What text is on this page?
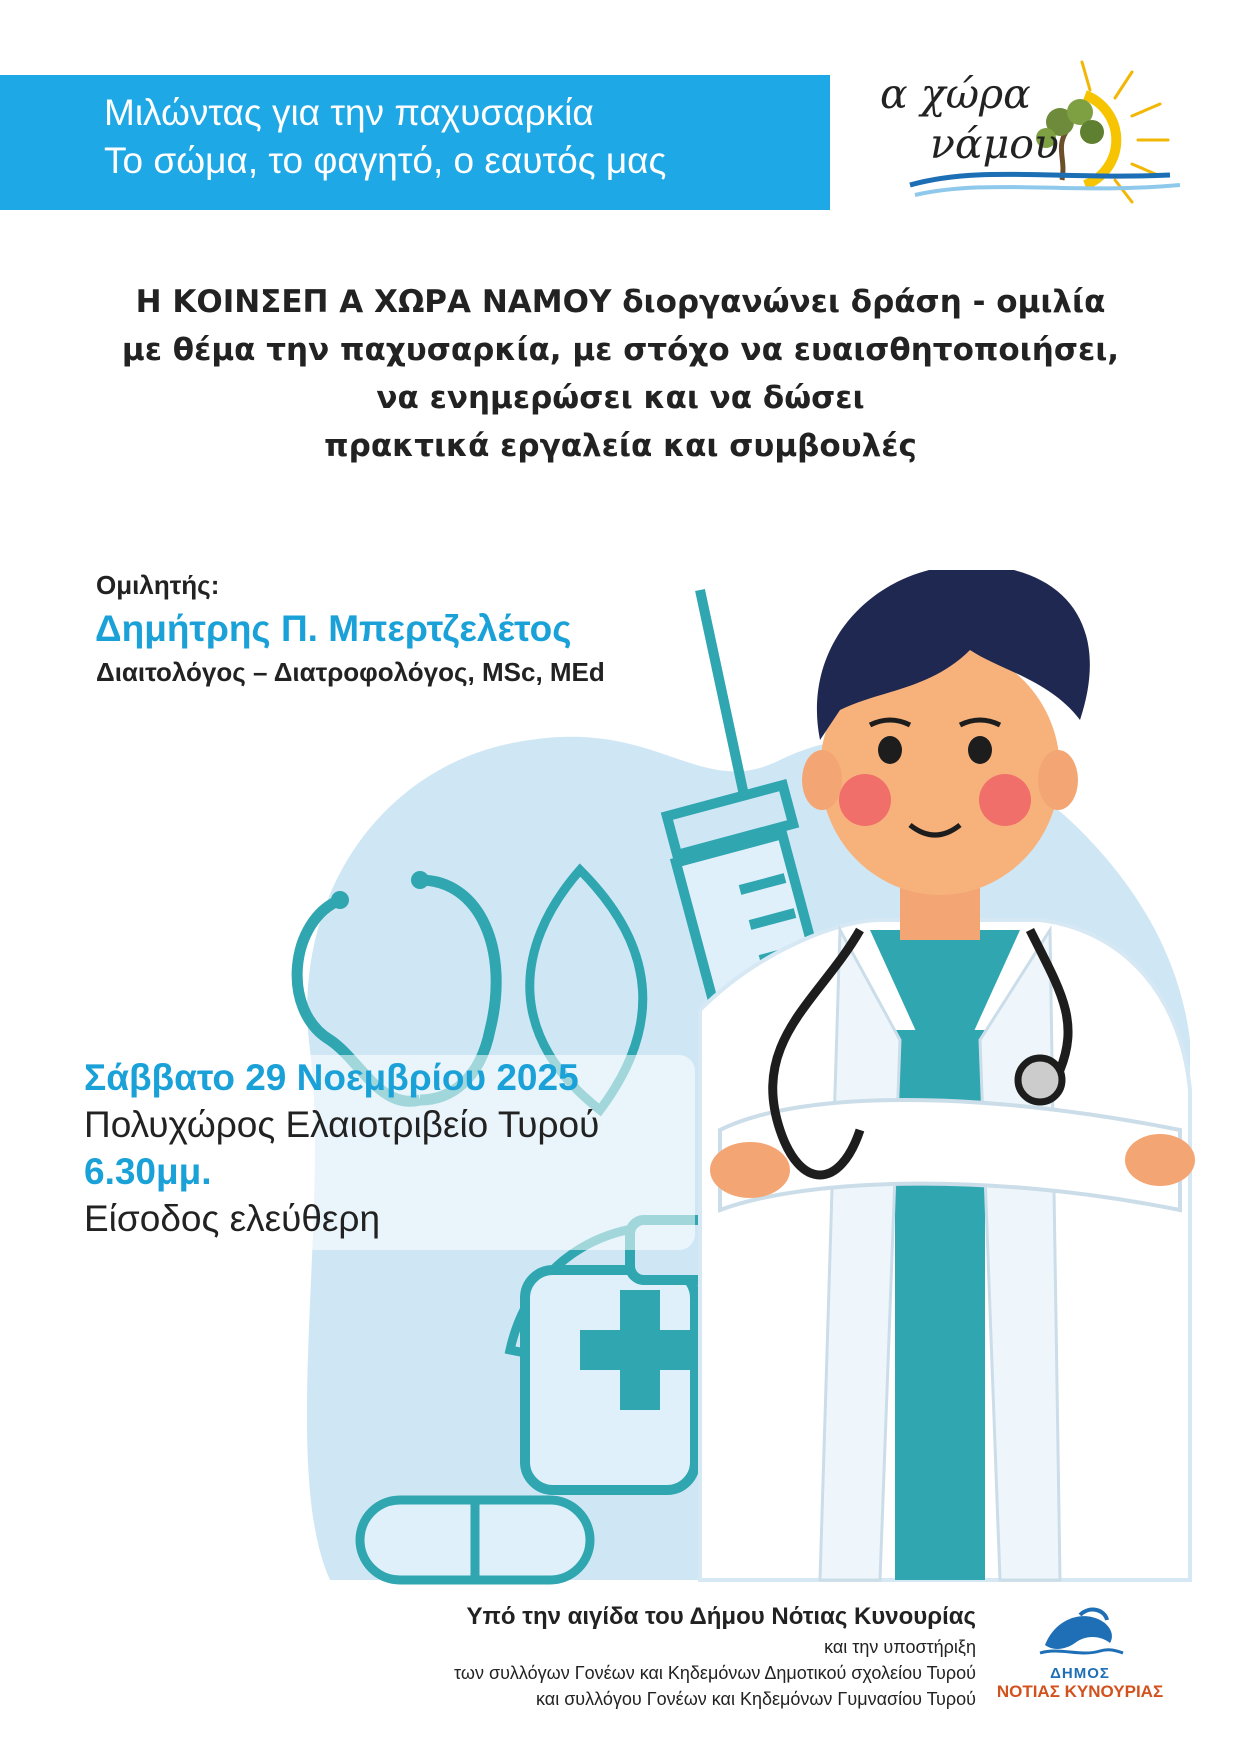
Μιλώντας για την παχυσαρκία
Το σώμα, το φαγητό, ο εαυτός μας
α χώρα
νάμου
Η ΚΟΙΝΣΕΠ Α ΧΩΡΑ ΝΑΜΟΥ διοργανώνει δράση - ομιλία
με θέμα την παχυσαρκία, με στόχο να ευαισθητοποιήσει,
να ενημερώσει και να δώσει
πρακτικά εργαλεία και συμβουλές
Ομιλητής:
Δημήτρης Π. Μπερτζελέτος
Διαιτολόγος – Διατροφολόγος, MSc, MEd
Σάββατο 29 Νοεμβρίου 2025
Πολυχώρος Ελαιοτριβείο Τυρού
6.30μμ.
Είσοδος ελεύθερη
Υπό την αιγίδα του Δήμου Νότιας Κυνουρίας
και την υποστήριξη
των συλλόγων Γονέων και Κηδεμόνων Δημοτικού σχολείου Τυρού
και συλλόγου Γονέων και Κηδεμόνων Γυμνασίου Τυρού
ΔΗΜΟΣ
ΝΟΤΙΑΣ ΚΥΝΟΥΡΙΑΣ
